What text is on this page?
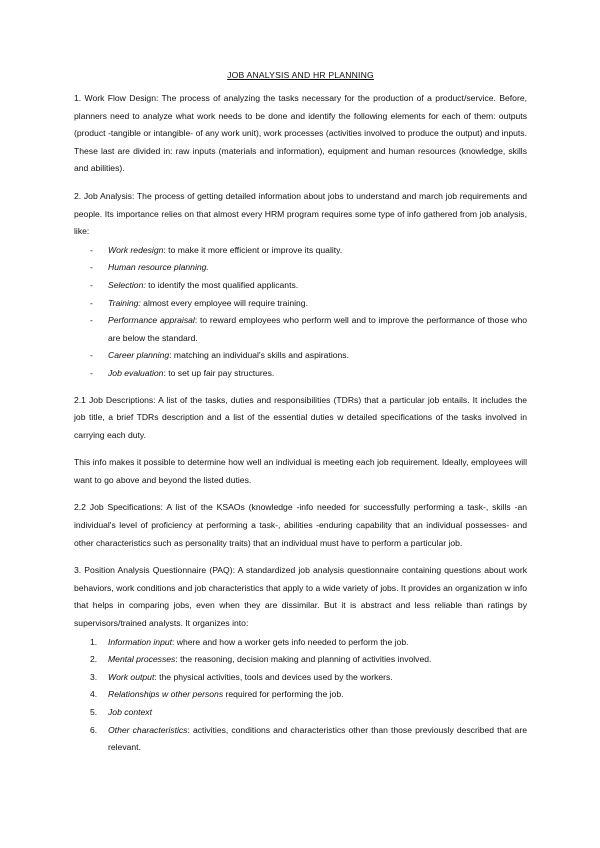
JOB ANALYSIS AND HR PLANNING

1. Work Flow Design: The process of analyzing the tasks necessary for the production of a product/service. Before, planners need to analyze what work needs to be done and identify the following elements for each of them: outputs (product -tangible or intangible- of any work unit), work processes (activities involved to produce the output) and inputs. These last are divided in: raw inputs (materials and information), equipment and human resources (knowledge, skills and abilities).

2. Job Analysis: The process of getting detailed information about jobs to understand and march job requirements and people. Its importance relies on that almost every HRM program requires some type of info gathered from job analysis, like:

- Work redesign: to make it more efficient or improve its quality.
- Human resource planning.
- Selection: to identify the most qualified applicants.
- Training: almost every employee will require training.
- Performance appraisal: to reward employees who perform well and to improve the performance of those who are below the standard.
- Career planning: matching an individual's skills and aspirations.
- Job evaluation: to set up fair pay structures.

2.1 Job Descriptions: A list of the tasks, duties and responsibilities (TDRs) that a particular job entails. It includes the job title, a brief TDRs description and a list of the essential duties w detailed specifications of the tasks involved in carrying each duty.

This info makes it possible to determine how well an individual is meeting each job requirement. Ideally, employees will want to go above and beyond the listed duties.

2.2 Job Specifications: A list of the KSAOs (knowledge -info needed for successfully performing a task-, skills -an individual's level of proficiency at performing a task-, abilities -enduring capability that an individual possesses- and other characteristics such as personality traits) that an individual must have to perform a particular job.

3. Position Analysis Questionnaire (PAQ): A standardized job analysis questionnaire containing questions about work behaviors, work conditions and job characteristics that apply to a wide variety of jobs. It provides an organization w info that helps in comparing jobs, even when they are dissimilar. But it is abstract and less reliable than ratings by supervisors/trained analysts. It organizes into:

1. Information input: where and how a worker gets info needed to perform the job.
2. Mental processes: the reasoning, decision making and planning of activities involved.
3. Work output: the physical activities, tools and devices used by the workers.
4. Relationships w other persons required for performing the job.
5. Job context
6. Other characteristics: activities, conditions and characteristics other than those previously described that are relevant.
